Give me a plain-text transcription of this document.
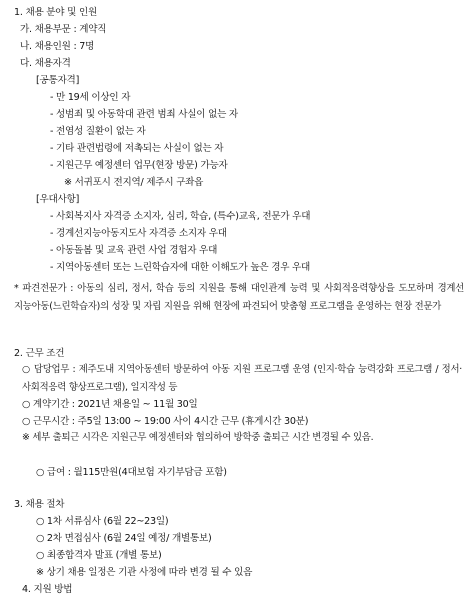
1. 채용 분야 및 인원
가. 채용부문 : 계약직
나. 채용인원 : 7명
다. 채용자격
[공통자격]
- 만 19세 이상인 자
- 성범죄 및 아동학대 관련 범죄 사실이 없는 자
- 전염성 질환이 없는 자
- 기타 관련법령에 저촉되는 사실이 없는 자
- 지원근무 예정센터 업무(현장 방문) 가능자
※ 서귀포시 전지역/ 제주시 구좌읍
[우대사항]
- 사회복지사 자격증 소지자, 심리, 학습, (특수)교육, 전문가 우대
- 경계선지능아동지도사 자격증 소지자 우대
- 아동돌봄 및 교육 관련 사업 경험자 우대
- 지역아동센터 또는 느린학습자에 대한 이해도가 높은 경우 우대
* 파견전문가 : 아동의 심리, 정서, 학습 등의 지원을 통해 대인관계 능력 및 사회적응력향상을 도모하며 경계선 지능아동(느린학습자)의 성장 및 자립 지원을 위해 현장에 파견되어 맞춤형 프로그램을 운영하는 현장 전문가
2. 근무 조건
○ 담당업무 : 제주도내 지역아동센터 방문하여 아동 지원 프로그램 운영 (인지·학습 능력강화 프로그램 / 정서·사회적응력 향상프로그램), 일지작성 등
○ 계약기간 : 2021년 채용일 ~ 11월 30일
○ 근무시간 : 주5일 13:00 ~ 19:00 사이 4시간 근무 (휴게시간 30분)
※ 세부 출퇴근 시각은 지원근무 예정센터와 협의하여 방학중 출퇴근 시간 변경될 수 있음.
○ 급여 : 월115만원(4대보험 자기부담금 포함)
3. 채용 절차
○ 1차 서류심사 (6월 22~23일)
○ 2차 면접심사 (6월 24일 예정/ 개별통보)
○ 최종합격자 발표 (개별 통보)
※ 상기 채용 일정은 기관 사정에 따라 변경 될 수 있음
4. 지원 방법
